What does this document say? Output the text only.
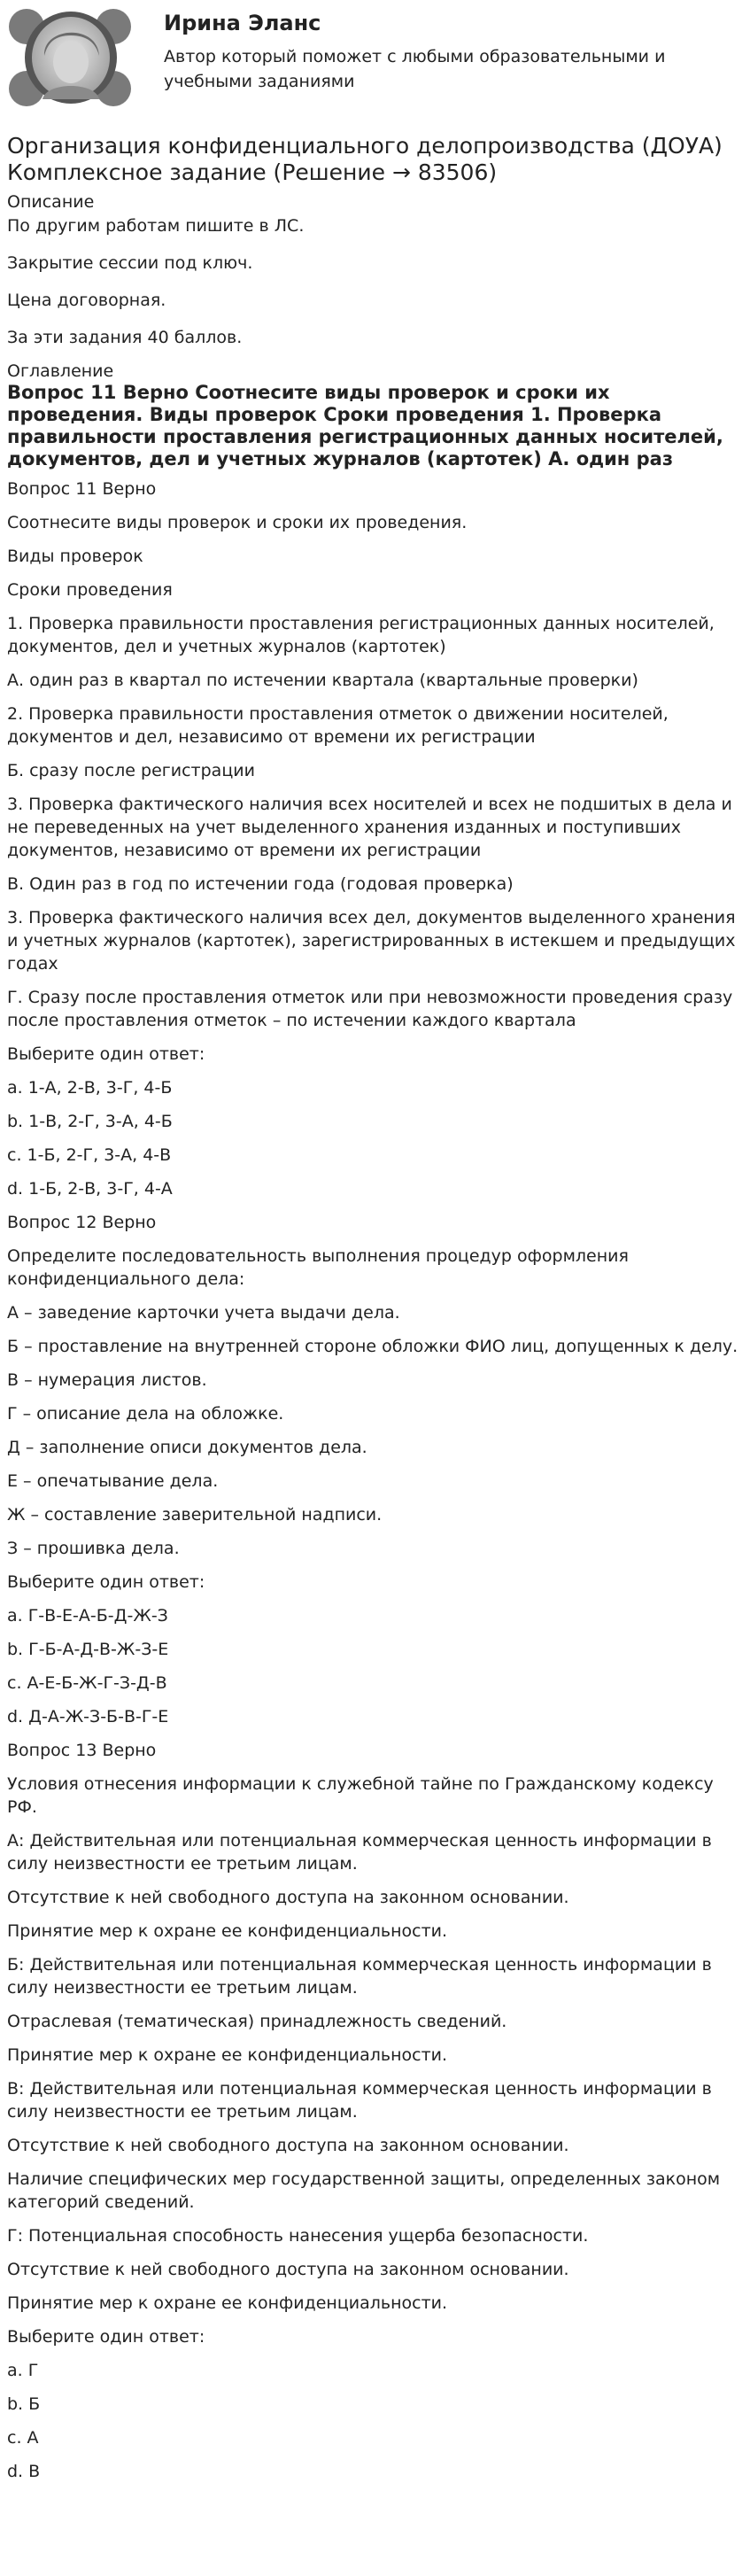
Ирина Эланс
Автор который поможет с любыми образовательными и учебными заданиями
Организация конфиденциального делопроизводства (ДОУА)
Комплексное задание (Решение → 83506)
Описание

По другим работам пишите в ЛС.

Закрытие сессии под ключ.

Цена договорная.

За эти задания 40 баллов.

Оглавление
Вопрос 11 Верно Соотнесите виды проверок и сроки их проведения. Виды проверок Сроки проведения 1. Проверка правильности проставления регистрационных данных носителей, документов, дел и учетных журналов (картотек) А. один раз

Вопрос 11 Верно

Соотнесите виды проверок и сроки их проведения.

Виды проверок

Сроки проведения

1. Проверка правильности проставления регистрационных данных носителей, документов, дел и учетных журналов (картотек)

А. один раз в квартал по истечении квартала (квартальные проверки)

2. Проверка правильности проставления отметок о движении носителей, документов и дел, независимо от времени их регистрации

Б. сразу после регистрации

3. Проверка фактического наличия всех носителей и всех не подшитых в дела и не переведенных на учет выделенного хранения изданных и поступивших документов, независимо от времени их регистрации

В. Один раз в год по истечении года (годовая проверка)

3. Проверка фактического наличия всех дел, документов выделенного хранения и учетных журналов (картотек), зарегистрированных в истекшем и предыдущих годах

Г. Сразу после проставления отметок или при невозможности проведения сразу после проставления отметок – по истечении каждого квартала

Выберите один ответ:

a. 1-А, 2-В, 3-Г, 4-Б

b. 1-В, 2-Г, 3-А, 4-Б

c. 1-Б, 2-Г, 3-А, 4-В

d. 1-Б, 2-В, 3-Г, 4-А

Вопрос 12 Верно

Определите последовательность выполнения процедур оформления конфиденциального дела:

А – заведение карточки учета выдачи дела.

Б – проставление на внутренней стороне обложки ФИО лиц, допущенных к делу.

В – нумерация листов.

Г – описание дела на обложке.

Д – заполнение описи документов дела.

Е – опечатывание дела.

Ж – составление заверительной надписи.

З – прошивка дела.

Выберите один ответ:

a. Г-В-Е-А-Б-Д-Ж-З

b. Г-Б-А-Д-В-Ж-З-Е

c. А-Е-Б-Ж-Г-З-Д-В

d. Д-А-Ж-З-Б-В-Г-Е

Вопрос 13 Верно

Условия отнесения информации к служебной тайне по Гражданскому кодексу РФ.

А: Действительная или потенциальная коммерческая ценность информации в силу неизвестности ее третьим лицам.

Отсутствие к ней свободного доступа на законном основании.

Принятие мер к охране ее конфиденциальности.

Б: Действительная или потенциальная коммерческая ценность информации в силу неизвестности ее третьим лицам.

Отраслевая (тематическая) принадлежность сведений.

Принятие мер к охране ее конфиденциальности.

В: Действительная или потенциальная коммерческая ценность информации в силу неизвестности ее третьим лицам.

Отсутствие к ней свободного доступа на законном основании.

Наличие специфических мер государственной защиты, определенных законом категорий сведений.

Г: Потенциальная способность нанесения ущерба безопасности.

Отсутствие к ней свободного доступа на законном основании.

Принятие мер к охране ее конфиденциальности.

Выберите один ответ:

a. Г

b. Б

c. А

d. В
